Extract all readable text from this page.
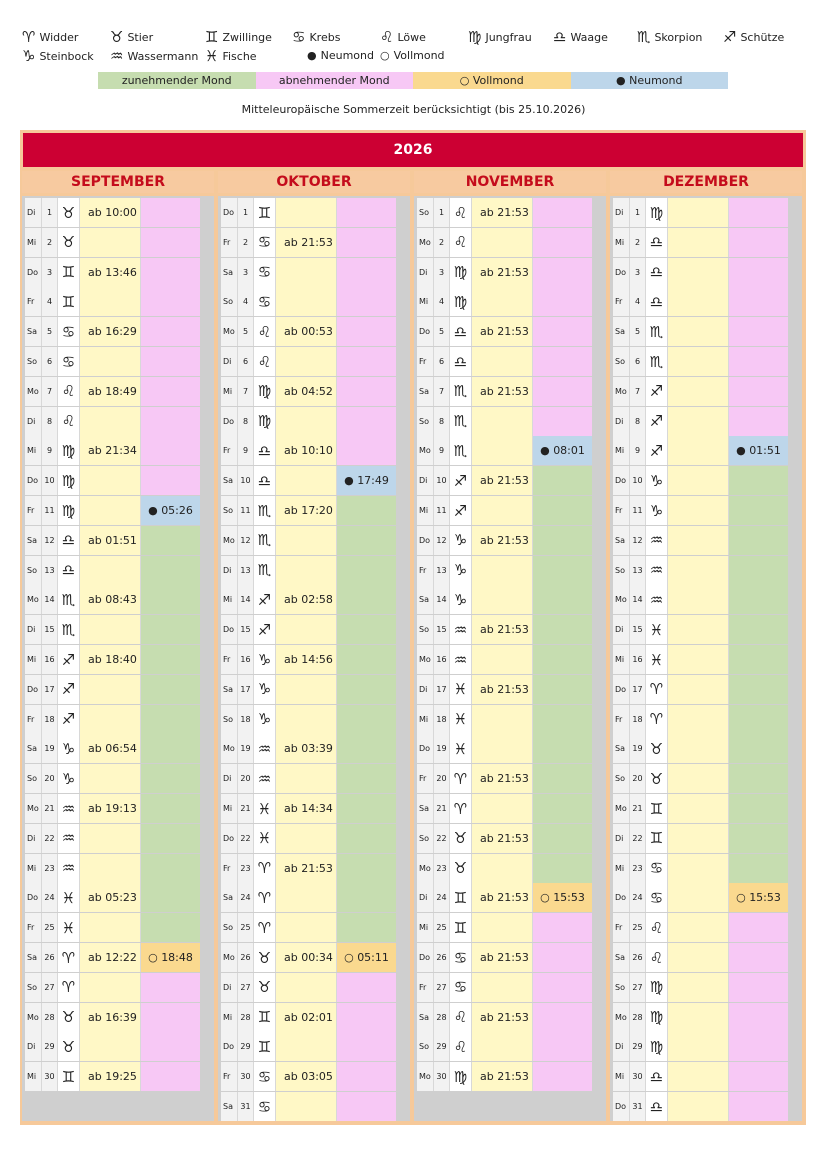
♈ Widder ♉ Stier	♊ Zwillinge ♋ Krebs	♌ Löwe	♍ Jungfrau ♎ Waage ♏ Skorpion ♐ Schütze
♑ Steinbock ♒ Wassermann ♓ Fische	● Neumond ○ Vollmond
zunehmender Mond	abnehmender Mond	○ Vollmond	● Neumond
Mitteleuropäische Sommerzeit berücksichtigt (bis 25.10.2026)
2026
SEPTEMBER
Di	1 ♉	ab 10:00
Mi	2 ♉
Do	3 ♊	ab 13:46
Fr	4 ♊
Sa	5 ♋	ab 16:29
So	6 ♋
Mo	7 ♌	ab 18:49
Di	8 ♌
Mi	9 ♍	ab 21:34
Do 10 ♍
Fr	11 ♍	● 05:26
Sa 12 ♎	ab 01:51
So 13 ♎
Mo 14 ♏	ab 08:43
Di	15 ♏
Mi	16 ♐	ab 18:40
Do 17 ♐
Fr	18 ♐
Sa 19 ♑	ab 06:54
So 20 ♑
Mo 21 ♒	ab 19:13
Di	22 ♒
Mi	23 ♒
Do 24 ♓	ab 05:23
Fr	25 ♓
Sa 26 ♈	ab 12:22	○ 18:48
So 27 ♈
Mo 28 ♉	ab 16:39
Di	29 ♉
Mi	30 ♊	ab 19:25
OKTOBER
Do	1 ♊
Fr	2 ♋	ab 21:53
Sa	3 ♋
So	4 ♋
Mo	5 ♌	ab 00:53
Di	6 ♌
Mi	7 ♍	ab 04:52
Do	8 ♍
Fr	9 ♎	ab 10:10
Sa 10 ♎	● 17:49
So 11 ♏	ab 17:20
Mo 12 ♏
Di	13 ♏
Mi	14 ♐	ab 02:58
Do 15 ♐
Fr	16 ♑	ab 14:56
Sa 17 ♑
So 18 ♑
Mo 19 ♒	ab 03:39
Di	20 ♒
Mi	21 ♓	ab 14:34
Do 22 ♓
Fr	23 ♈	ab 21:53
Sa 24 ♈
So 25 ♈
Mo 26 ♉	ab 00:34	○ 05:11
Di	27 ♉
Mi	28 ♊	ab 02:01
Do 29 ♊
Fr	30 ♋	ab 03:05
Sa 31 ♋
NOVEMBER
So	1 ♌	ab 21:53
Mo	2 ♌
Di	3 ♍	ab 21:53
Mi	4 ♍
Do	5 ♎	ab 21:53
Fr	6 ♎
Sa	7 ♏	ab 21:53
So	8 ♏
Mo	9 ♏	● 08:01
Di	10 ♐	ab 21:53
Mi	11 ♐
Do 12 ♑	ab 21:53
Fr	13 ♑
Sa 14 ♑
So 15 ♒	ab 21:53
Mo 16 ♒
Di	17 ♓	ab 21:53
Mi	18 ♓
Do 19 ♓
Fr	20 ♈	ab 21:53
Sa 21 ♈
So 22 ♉	ab 21:53
Mo 23 ♉
Di	24 ♊	ab 21:53	○ 15:53
Mi	25 ♊
Do 26 ♋	ab 21:53
Fr	27 ♋
Sa 28 ♌	ab 21:53
So 29 ♌
Mo 30 ♍	ab 21:53
DEZEMBER
Di	1 ♍
Mi	2 ♎
Do	3 ♎
Fr	4 ♎
Sa	5 ♏
So	6 ♏
Mo	7 ♐
Di	8 ♐
Mi	9 ♐	● 01:51
Do 10 ♑
Fr	11 ♑
Sa 12 ♒
So 13 ♒
Mo 14 ♒
Di	15 ♓
Mi	16 ♓
Do 17 ♈
Fr	18 ♈
Sa 19 ♉
So 20 ♉
Mo 21 ♊
Di	22 ♊
Mi	23 ♋
Do 24 ♋	○ 15:53
Fr	25 ♌
Sa 26 ♌
So 27 ♍
Mo 28 ♍
Di	29 ♍
Mi	30 ♎
Do 31 ♎
